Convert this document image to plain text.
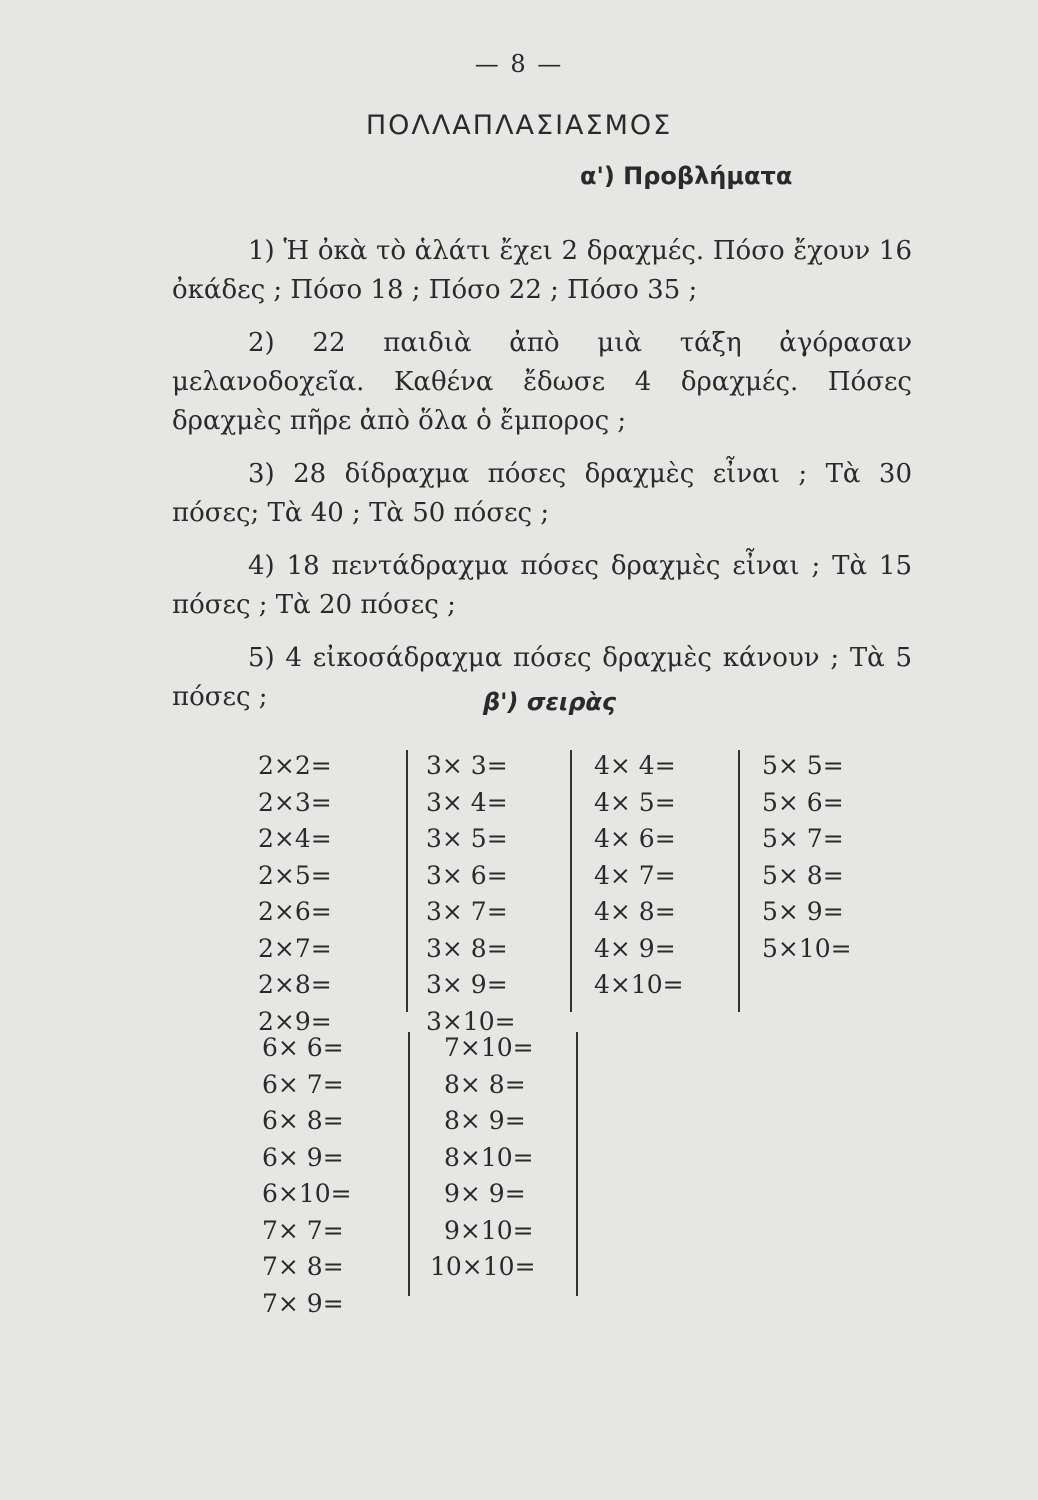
— 8 —
ΠΟΛΛΑΠΛΑΣΙΑΣΜΟΣ
α') Προβλήματα

1) Ἡ ὀκὰ τὸ ἁλάτι ἔχει 2 δραχμές. Πόσο ἔχουν 16 ὀκάδες ; Πόσο 18 ; Πόσο 22 ; Πόσο 35 ;

2) 22 παιδιὰ ἀπὸ μιὰ τάξη ἀγόρασαν μελανοδοχεῖα. Καθένα ἔδωσε 4 δραχμές. Πόσες δραχμὲς πῆρε ἀπὸ ὅλα ὁ ἔμπορος ;

3) 28 δίδραχμα πόσες δραχμὲς εἶναι ; Τὰ 30 πόσες; Τὰ 40 ; Τὰ 50 πόσες ;

4) 18 πεντάδραχμα πόσες δραχμὲς εἶναι ; Τὰ 15 πόσες ; Τὰ 20 πόσες ;

5) 4 εἰκοσάδραχμα πόσες δραχμὲς κάνουν ; Τὰ 5 πόσες ;	β') σειρὰς
2×2=
2×3=
2×4=
2×5=
2×6=
2×7=
2×8=
2×9=
3× 3=
3× 4=
3× 5=
3× 6=
3× 7=
3× 8=
3× 9=
3×10=
4× 4=
4× 5=
4× 6=
4× 7=
4× 8=
4× 9=
4×10=
5× 5=
5× 6=
5× 7=
5× 8=
5× 9=
5×10=
6× 6=
6× 7=
6× 8=
6× 9=
6×10=
7× 7=
7× 8=
7× 9=
7×10=
8× 8=
8× 9=
8×10=
9× 9=
9×10=
10×10=
